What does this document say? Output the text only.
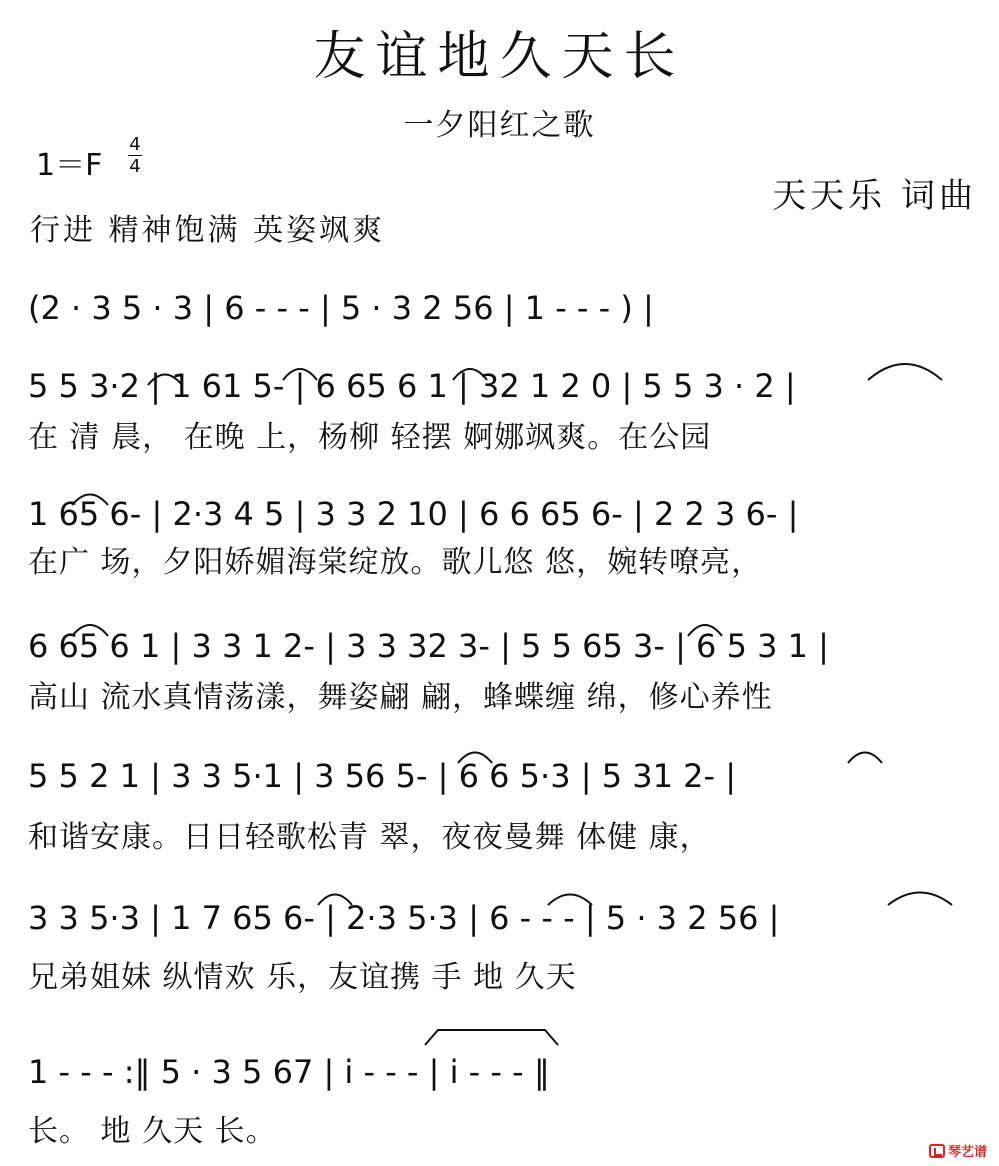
友谊地久天长
一夕阳红之歌
1＝F
4
4
天天乐 词曲
行进 精神饱满 英姿飒爽
(2 · 3 5 · 3 | 6 - - - | 5 · 3 2 56 | 1 - - - ) |
5 5 3·2 | 1 61 5- | 6 65 6 1 | 32 1 2 0 | 5 5 3 · 2 |
在 清 晨， 在晚 上，杨柳 轻摆 婀娜飒爽。在公园
1 65 6- | 2·3 4 5 | 3 3 2 10 | 6 6 65 6- | 2 2 3 6- |
在广 场，夕阳娇媚海棠绽放。歌儿悠 悠，婉转嘹亮，
6 65 6 1 | 3 3 1 2- | 3 3 32 3- | 5 5 65 3- | 6 5 3 1 |
高山 流水真情荡漾，舞姿翩 翩，蜂蝶缠 绵，修心养性
5 5 2 1 | 3 3 5·1 | 3 56 5- | 6 6 5·3 | 5 31 2- |
和谐安康。日日轻歌松青 翠，夜夜曼舞 体健 康，
3 3 5·3 | 1 7 65 6- | 2·3 5·3 | 6 - - - | 5 · 3 2 56 |
兄弟姐妹 纵情欢 乐，友谊携 手 地 久天
1 - - - :‖ 5 · 3 5 67 | i - - - | i - - - ‖
长。 地 久天 长。
琴艺谱
